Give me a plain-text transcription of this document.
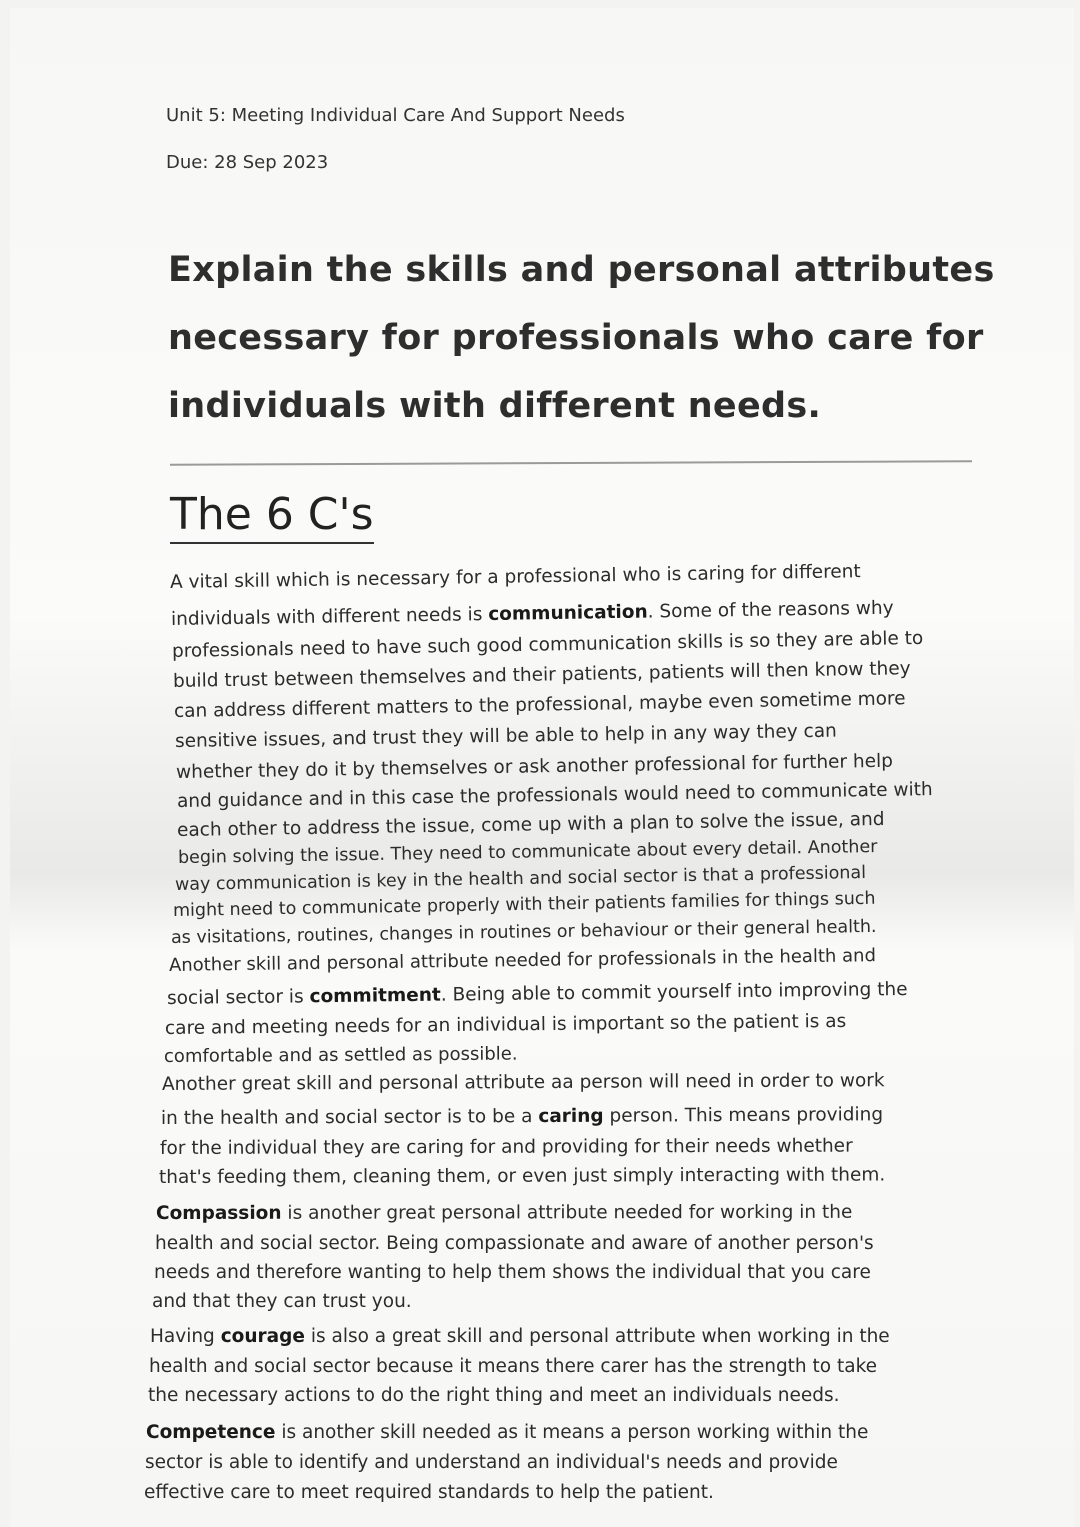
Unit 5: Meeting Individual Care And Support Needs
Due: 28 Sep 2023
Explain the skills and personal attributes
necessary for professionals who care for
individuals with different needs.
The 6 C's
A vital skill which is necessary for a professional who is caring for different
individuals with different needs is communication. Some of the reasons why
professionals need to have such good communication skills is so they are able to
build trust between themselves and their patients, patients will then know they
can address different matters to the professional, maybe even sometime more
sensitive issues, and trust they will be able to help in any way they can
whether they do it by themselves or ask another professional for further help
and guidance and in this case the professionals would need to communicate with
each other to address the issue, come up with a plan to solve the issue, and
begin solving the issue. They need to communicate about every detail. Another
way communication is key in the health and social sector is that a professional
might need to communicate properly with their patients families for things such
as visitations, routines, changes in routines or behaviour or their general health.
Another skill and personal attribute needed for professionals in the health and
social sector is commitment. Being able to commit yourself into improving the
care and meeting needs for an individual is important so the patient is as
comfortable and as settled as possible.
Another great skill and personal attribute aa person will need in order to work
in the health and social sector is to be a caring person. This means providing
for the individual they are caring for and providing for their needs whether
that's feeding them, cleaning them, or even just simply interacting with them.
Compassion is another great personal attribute needed for working in the
health and social sector. Being compassionate and aware of another person's
needs and therefore wanting to help them shows the individual that you care
and that they can trust you.
Having courage is also a great skill and personal attribute when working in the
health and social sector because it means there carer has the strength to take
the necessary actions to do the right thing and meet an individuals needs.
Competence is another skill needed as it means a person working within the
sector is able to identify and understand an individual's needs and provide
effective care to meet required standards to help the patient.
